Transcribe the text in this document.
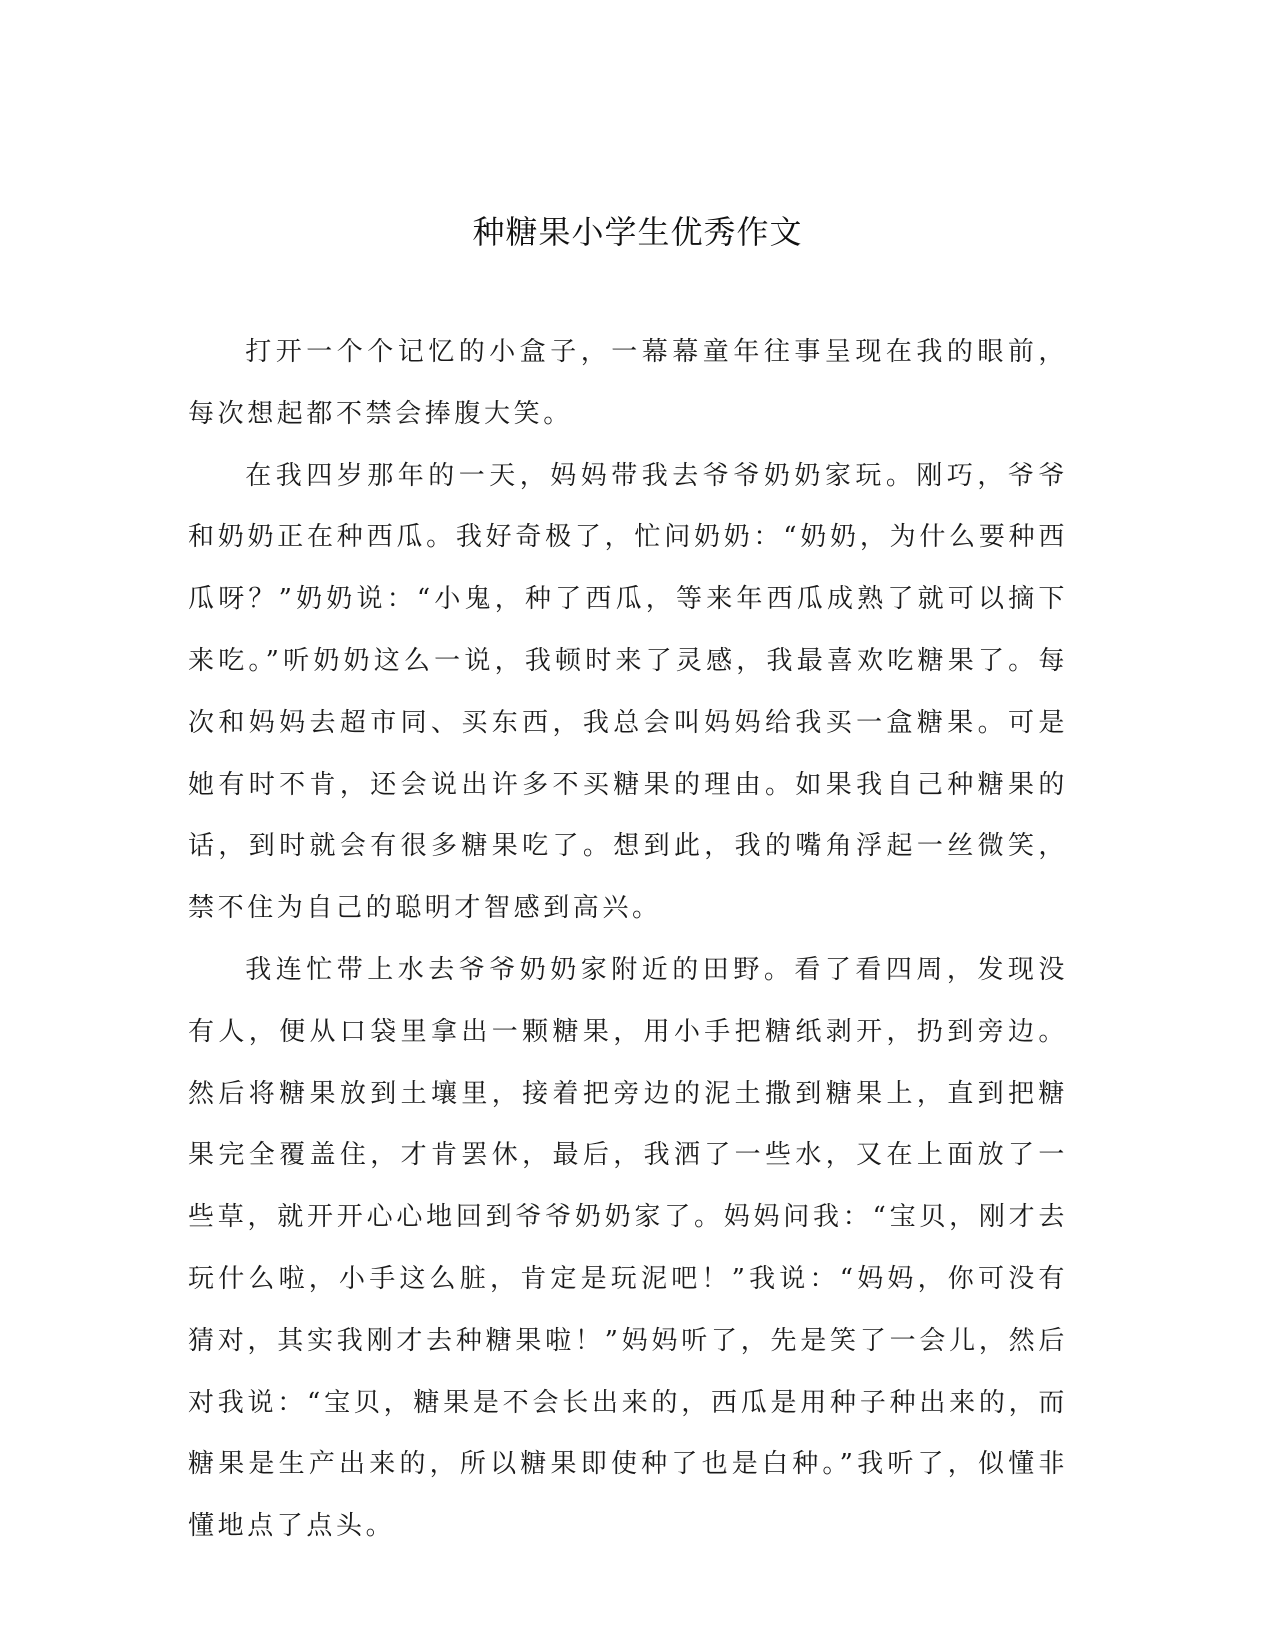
种糖果小学生优秀作文

打开一个个记忆的小盒子，一幕幕童年往事呈现在我的眼前，每次想起都不禁会捧腹大笑。

在我四岁那年的一天，妈妈带我去爷爷奶奶家玩。刚巧，爷爷和奶奶正在种西瓜。我好奇极了，忙问奶奶：“奶奶，为什么要种西瓜呀？”奶奶说：“小鬼，种了西瓜，等来年西瓜成熟了就可以摘下来吃。”听奶奶这么一说，我顿时来了灵感，我最喜欢吃糖果了。每次和妈妈去超市同、买东西，我总会叫妈妈给我买一盒糖果。可是她有时不肯，还会说出许多不买糖果的理由。如果我自己种糖果的话，到时就会有很多糖果吃了。想到此，我的嘴角浮起一丝微笑，禁不住为自己的聪明才智感到高兴。

我连忙带上水去爷爷奶奶家附近的田野。看了看四周，发现没有人，便从口袋里拿出一颗糖果，用小手把糖纸剥开，扔到旁边。然后将糖果放到土壤里，接着把旁边的泥土撒到糖果上，直到把糖果完全覆盖住，才肯罢休，最后，我洒了一些水，又在上面放了一些草，就开开心心地回到爷爷奶奶家了。妈妈问我：“宝贝，刚才去玩什么啦，小手这么脏，肯定是玩泥吧！”我说：“妈妈，你可没有猜对，其实我刚才去种糖果啦！”妈妈听了，先是笑了一会儿，然后对我说：“宝贝，糖果是不会长出来的，西瓜是用种子种出来的，而糖果是生产出来的，所以糖果即使种了也是白种。”我听了，似懂非懂地点了点头。
